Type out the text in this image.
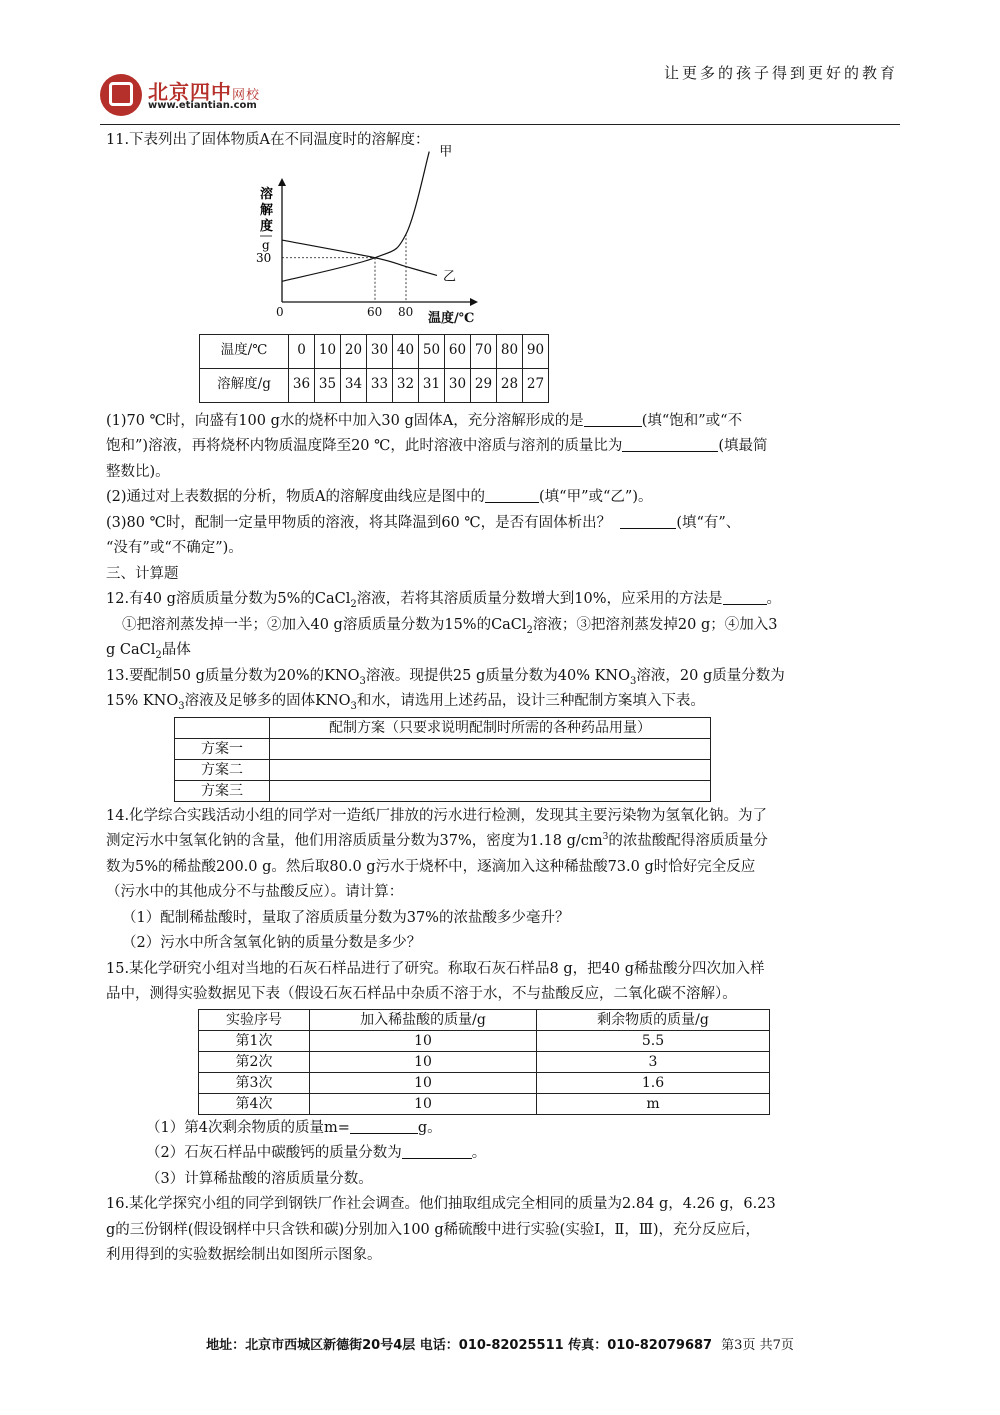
北京四中网校
www.etiantian.com
让更多的孩子得到更好的教育

11.下表列出了固体物质A在不同温度时的溶解度：

溶
解
度
g
30
甲
乙
0	60 80 温度/℃
温度/℃	0	10	20	30	40	50	60	70	80	90
溶解度/g	36	35	34	33	32	31	30	29	28	27

(1)70 ℃时，向盛有100 g水的烧杯中加入30 g固体A，充分溶解形成的是	(填“饱和”或“不

饱和”)溶液，再将烧杯内物质温度降至20 ℃，此时溶液中溶质与溶剂的质量比为	(填最简

整数比)。

(2)通过对上表数据的分析，物质A的溶解度曲线应是图中的	(填“甲”或“乙”)。

(3)80 ℃时，配制一定量甲物质的溶液，将其降温到60 ℃，是否有固体析出？	(填“有”、

“没有”或“不确定”)。

三、计算题

12.有40 g溶质质量分数为5%的CaCl$_2$溶液，若将其溶质质量分数增大到10%，应采用的方法是	。

①把溶剂蒸发掉一半；②加入40 g溶质质量分数为15%的CaCl$_2$溶液；③把溶剂蒸发掉20 g；④加入3

g CaCl$_2$晶体

13.要配制50 g质量分数为20%的$KNO_3$溶液。现提供25 g质量分数为40% $KNO_3$溶液，20 g质量分数为

15% $KNO_3$溶液及足够多的固体$KNO_3$和水，请选用上述药品，设计三种配制方案填入下表。

	配制方案（只要求说明配制时所需的各种药品用量）
方案一	
方案二	
方案三	

14.化学综合实践活动小组的同学对一造纸厂排放的污水进行检测，发现其主要污染物为氢氧化钠。为了

测定污水中氢氧化钠的含量，他们用溶质质量分数为37%，密度为1.18 $g/cm^3$的浓盐酸配得溶质质量分

数为5%的稀盐酸200.0 g。然后取80.0 g污水于烧杯中，逐滴加入这种稀盐酸73.0 g时恰好完全反应

（污水中的其他成分不与盐酸反应）。请计算：

（1）配制稀盐酸时，量取了溶质质量分数为37%的浓盐酸多少毫升？

（2）污水中所含氢氧化钠的质量分数是多少？

15.某化学研究小组对当地的石灰石样品进行了研究。称取石灰石样品8 g，把40 g稀盐酸分四次加入样

品中，测得实验数据见下表（假设石灰石样品中杂质不溶于水，不与盐酸反应，二氧化碳不溶解）。

实验序号	加入稀盐酸的质量/g	剩余物质的质量/g
第1次	10	5.5
第2次	10	3
第3次	10	1.6
第4次	10	m

（1）第4次剩余物质的质量m=	g。

（2）石灰石样品中碳酸钙的质量分数为	。

（3）计算稀盐酸的溶质质量分数。

16.某化学探究小组的同学到钢铁厂作社会调查。他们抽取组成完全相同的质量为2.84 g，4.26 g，6.23

g的三份钢样(假设钢样中只含铁和碳)分别加入100 g稀硫酸中进行实验(实验Ⅰ，Ⅱ，Ⅲ)，充分反应后，

利用得到的实验数据绘制出如图所示图象。

地址：北京市西城区新德街20号4层 电话：010-82025511 传真：010-82079687 第3页 共7页
